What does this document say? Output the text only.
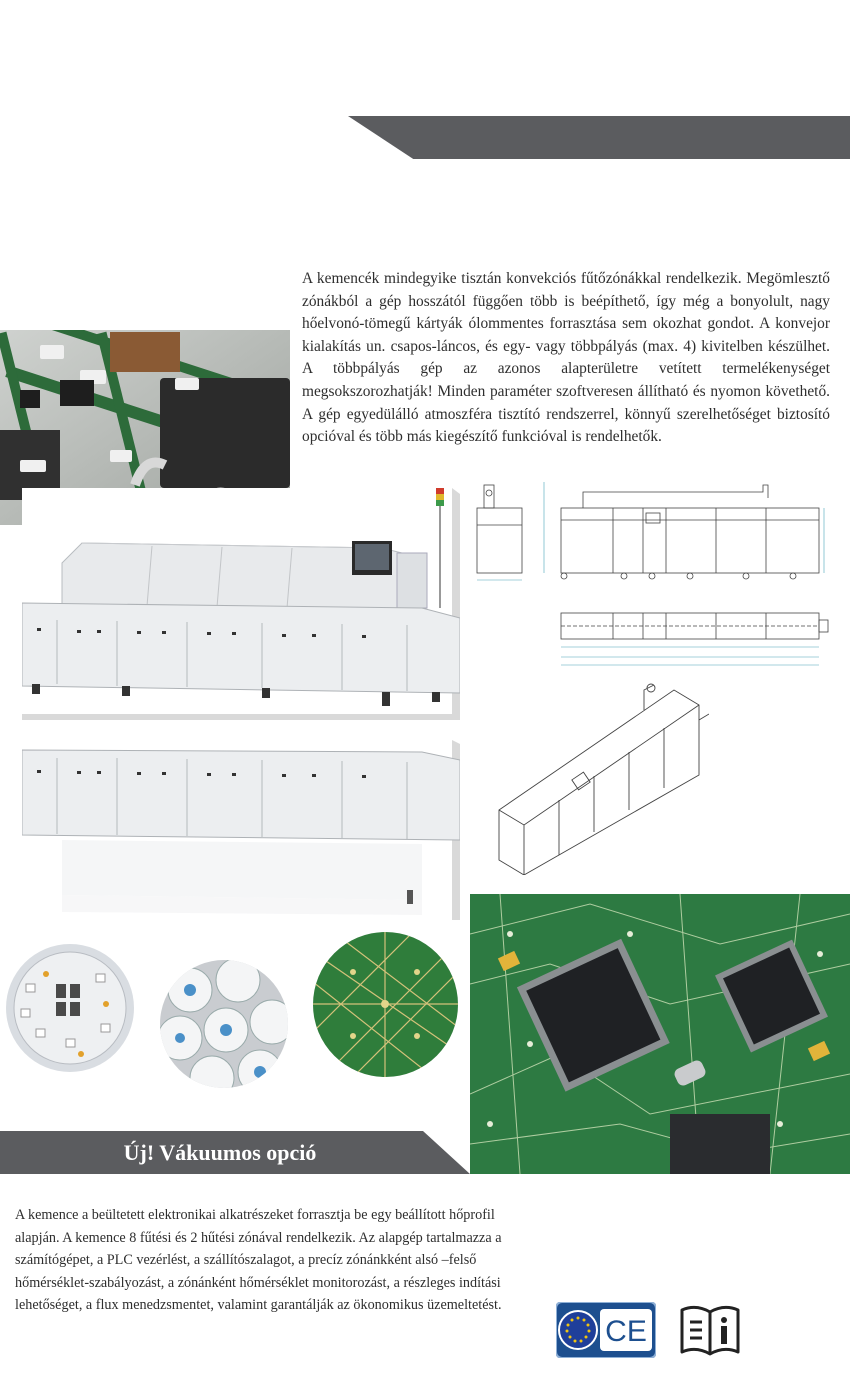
A kemencék mindegyike tisztán konvekciós fűtőzónákkal rendelkezik. Megömlesztő zónákból a gép hosszától függően több is beépíthető, így még a bonyolult, nagy hőelvonó-tömegű kártyák ólommentes forrasztása sem okozhat gondot. A konvejor kialakítás un. csapos-láncos, és egy- vagy többpályás (max. 4) kivitelben készülhet. A többpályás gép az azonos alapterületre vetített termelékenységet megsokszorozhatják! Minden paraméter szoftveresen állítható és nyomon követhető. A gép egyedülálló atmoszféra tisztító rendszerrel, könnyű szerelhetőséget biztosító opcióval és több más kiegészítő funkcióval is rendelhetők.
Új! Vákuumos opció
A kemence a beültetett elektronikai alkatrészeket forrasztja be egy beállított hőprofil alapján. A kemence 8 fűtési és 2 hűtési zónával rendelkezik. Az alapgép tartalmazza a számítógépet, a PLC vezérlést, a szállítószalagot, a precíz zónánkként alsó –felső hőmérséklet-szabályozást, a zónánként hőmérséklet monitorozást, a részleges indítási lehetőséget, a flux menedzsmentet, valamint garantálják az ökonomikus üzemeltetést.
CE
